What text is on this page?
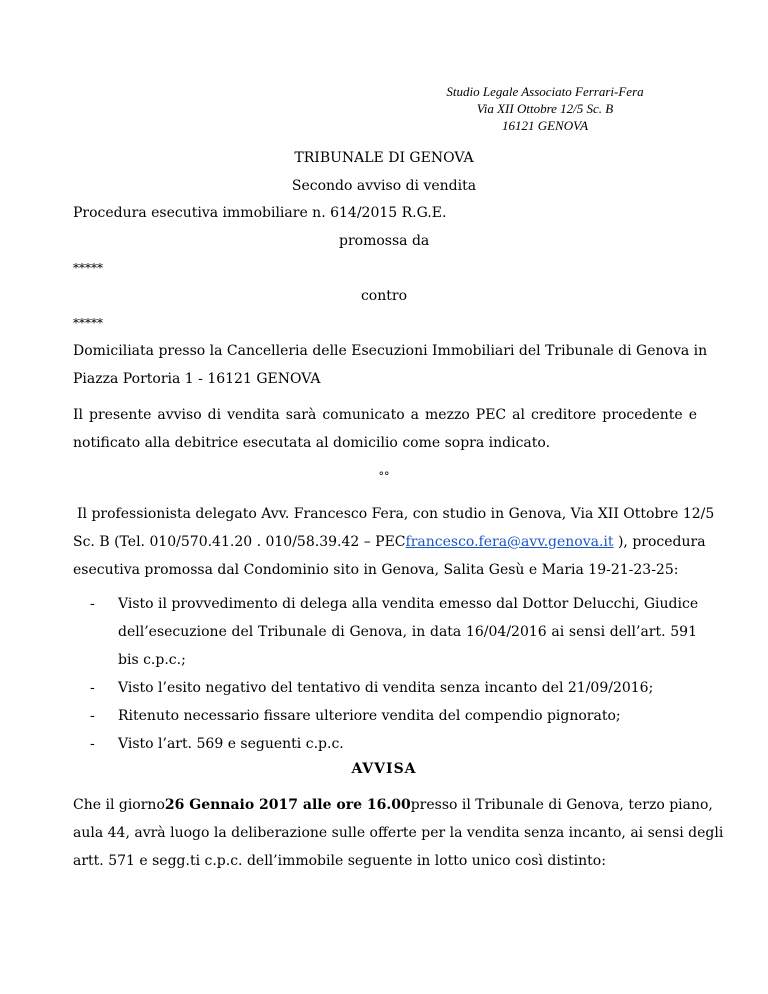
Studio Legale Associato Ferrari-Fera
Via XII Ottobre 12/5 Sc. B
16121 GENOVA
TRIBUNALE DI GENOVA
Secondo avviso di vendita
Procedura esecutiva immobiliare n. 614/2015 R.G.E.
promossa da
*****
contro
*****
Domiciliata presso la Cancelleria delle Esecuzioni Immobiliari del Tribunale di Genova in
Piazza Portoria 1 - 16121 GENOVA
Il presente avviso di vendita sarà comunicato a mezzo PEC al creditore procedente e
notificato alla debitrice esecutata al domicilio come sopra indicato.
°°
Il professionista delegato Avv. Francesco Fera, con studio in Genova, Via XII Ottobre 12/5
Sc. B (Tel. 010/570.41.20 . 010/58.39.42 – PEC francesco.fera@avv.genova.it ), procedura
esecutiva promossa dal Condominio sito in Genova, Salita Gesù e Maria 19-21-23-25:
- Visto il provvedimento di delega alla vendita emesso dal Dottor Delucchi, Giudice
dell’esecuzione del Tribunale di Genova, in data 16/04/2016 ai sensi dell’art. 591
bis c.p.c.;
- Visto l’esito negativo del tentativo di vendita senza incanto del 21/09/2016;
- Ritenuto necessario fissare ulteriore vendita del compendio pignorato;
- Visto l’art. 569 e seguenti c.p.c.
AVVISA
Che il giorno 26 Gennaio 2017 alle ore 16.00 presso il Tribunale di Genova, terzo piano,
aula 44, avrà luogo la deliberazione sulle offerte per la vendita senza incanto, ai sensi degli
artt. 571 e segg.ti c.p.c. dell’immobile seguente in lotto unico così distinto:
